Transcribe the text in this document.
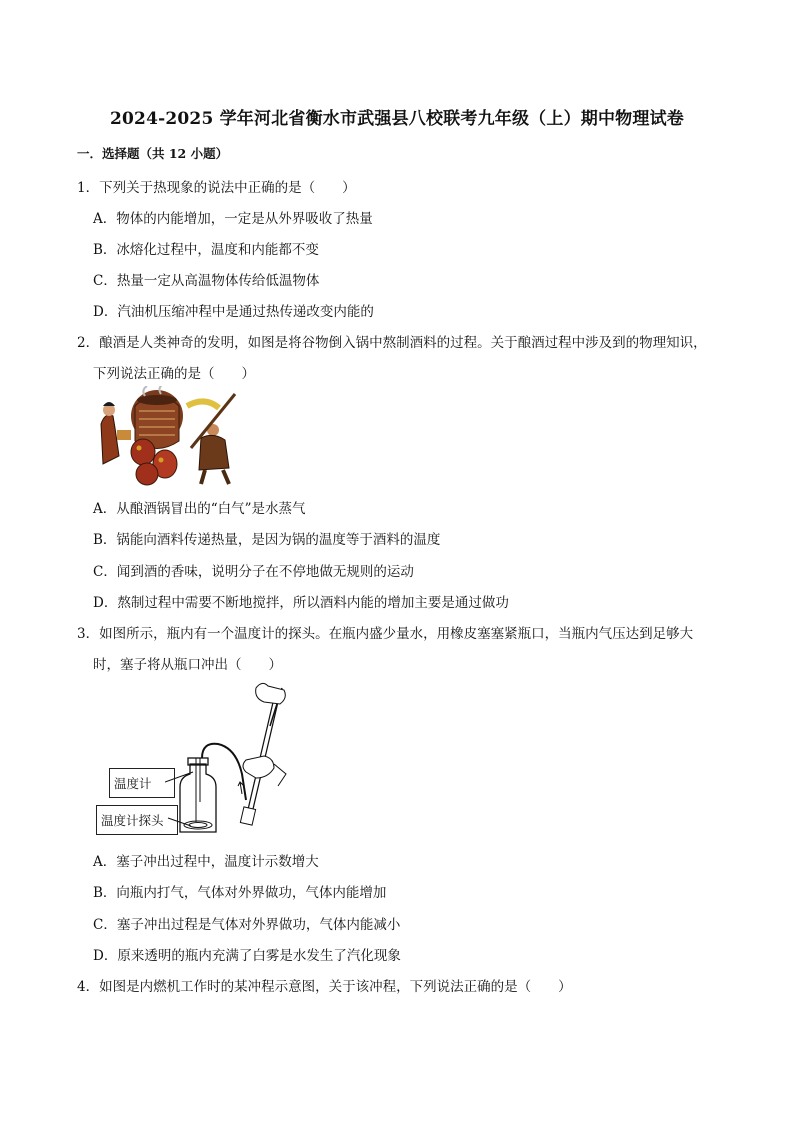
2024-2025 学年河北省衡水市武强县八校联考九年级（上）期中物理试卷
一．选择题（共 12 小题）
1．下列关于热现象的说法中正确的是（　　）
A．物体的内能增加，一定是从外界吸收了热量
B．冰熔化过程中，温度和内能都不变
C．热量一定从高温物体传给低温物体
D．汽油机压缩冲程中是通过热传递改变内能的
2．酿酒是人类神奇的发明，如图是将谷物倒入锅中熬制酒料的过程。关于酿酒过程中涉及到的物理知识，
下列说法正确的是（　　）
A．从酿酒锅冒出的“白气”是水蒸气
B．锅能向酒料传递热量，是因为锅的温度等于酒料的温度
C．闻到酒的香味，说明分子在不停地做无规则的运动
D．熬制过程中需要不断地搅拌，所以酒料内能的增加主要是通过做功
3．如图所示，瓶内有一个温度计的探头。在瓶内盛少量水，用橡皮塞塞紧瓶口，当瓶内气压达到足够大
时，塞子将从瓶口冲出（　　）
温度计
温度计探头
A．塞子冲出过程中，温度计示数增大
B．向瓶内打气，气体对外界做功，气体内能增加
C．塞子冲出过程是气体对外界做功，气体内能减小
D．原来透明的瓶内充满了白雾是水发生了汽化现象
4．如图是内燃机工作时的某冲程示意图，关于该冲程，下列说法正确的是（　　）
